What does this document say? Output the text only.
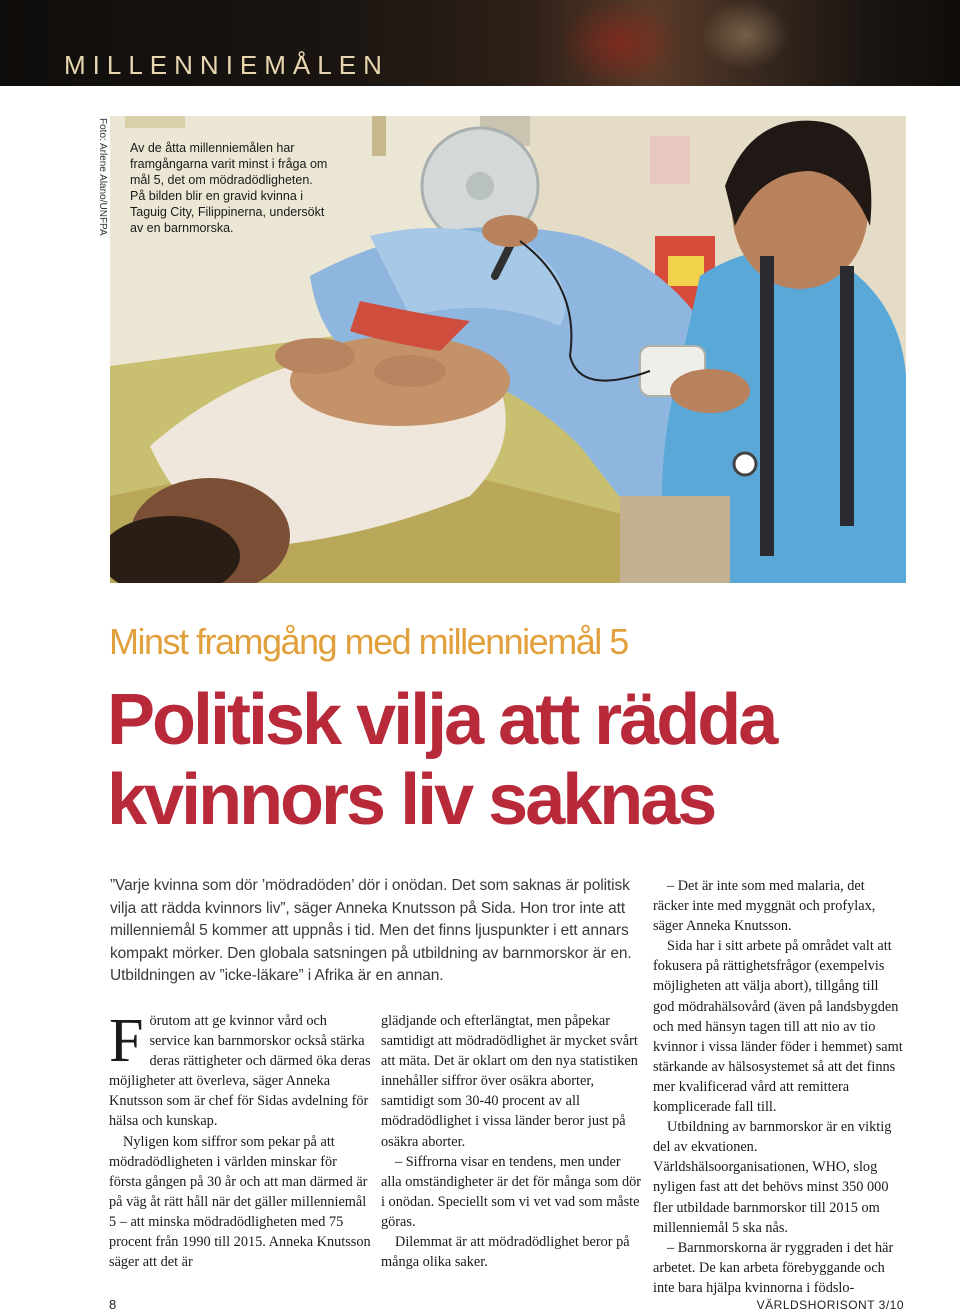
MILLENNIEMÅLEN
Foto: Arlene Alano/UNFPA Av de åtta millenniemålen har framgångarna varit minst i fråga om mål 5, det om mödradödligheten. På bilden blir en gravid kvinna i Taguig City, Filippinerna, undersökt av en barnmorska.
Minst framgång med millenniemål 5
Politisk vilja att rädda kvinnors liv saknas

”Varje kvinna som dör ’mödradöden’ dör i onödan. Det som saknas är politisk vilja att rädda kvinnors liv”, säger Anneka Knutsson på Sida. Hon tror inte att millenniemål 5 kommer att uppnås i tid. Men det finns ljuspunkter i ett annars kompakt mörker. Den globala satsningen på utbildning av barnmorskor är en. Utbildningen av ”icke-läkare” i Afrika är en annan.

Förutom att ge kvinnor vård och service kan barnmorskor också stärka deras rättigheter och därmed öka deras möjligheter att överleva, säger Anneka Knutsson som är chef för Sidas avdelning för hälsa och kunskap.

Nyligen kom siffror som pekar på att mödradödligheten i världen minskar för första gången på 30 år och att man därmed är på väg åt rätt håll när det gäller millenniemål 5 – att minska mödradödligheten med 75 procent från 1990 till 2015. Anneka Knutsson säger att det är

glädjande och efterlängtat, men påpekar samtidigt att mödradödlighet är mycket svårt att mäta. Det är oklart om den nya statistiken innehåller siffror över osäkra aborter, samtidigt som 30-40 procent av all mödradödlighet i vissa länder beror just på osäkra aborter.

– Siffrorna visar en tendens, men under alla omständigheter är det för många som dör i onödan. Speciellt som vi vet vad som måste göras.

Dilemmat är att mödradödlighet beror på många olika saker.

– Det är inte som med malaria, det räcker inte med myggnät och profylax, säger Anneka Knutsson.

Sida har i sitt arbete på området valt att fokusera på rättighetsfrågor (exempelvis möjligheten att välja abort), tillgång till god mödrahälsovård (även på landsbygden och med hänsyn tagen till att nio av tio kvinnor i vissa länder föder i hemmet) samt stärkande av hälsosystemet så att det finns mer kvalificerad vård att remittera komplicerade fall till.

Utbildning av barnmorskor är en viktig del av ekvationen. Världshälsoorganisationen, WHO, slog nyligen fast att det behövs minst 350 000 fler utbildade barnmorskor till 2015 om millenniemål 5 ska nås.

– Barnmorskorna är ryggraden i det här arbetet. De kan arbeta förebyggande och inte bara hjälpa kvinnorna i födslo-

8	VÄRLDSHORISONT 3/10
